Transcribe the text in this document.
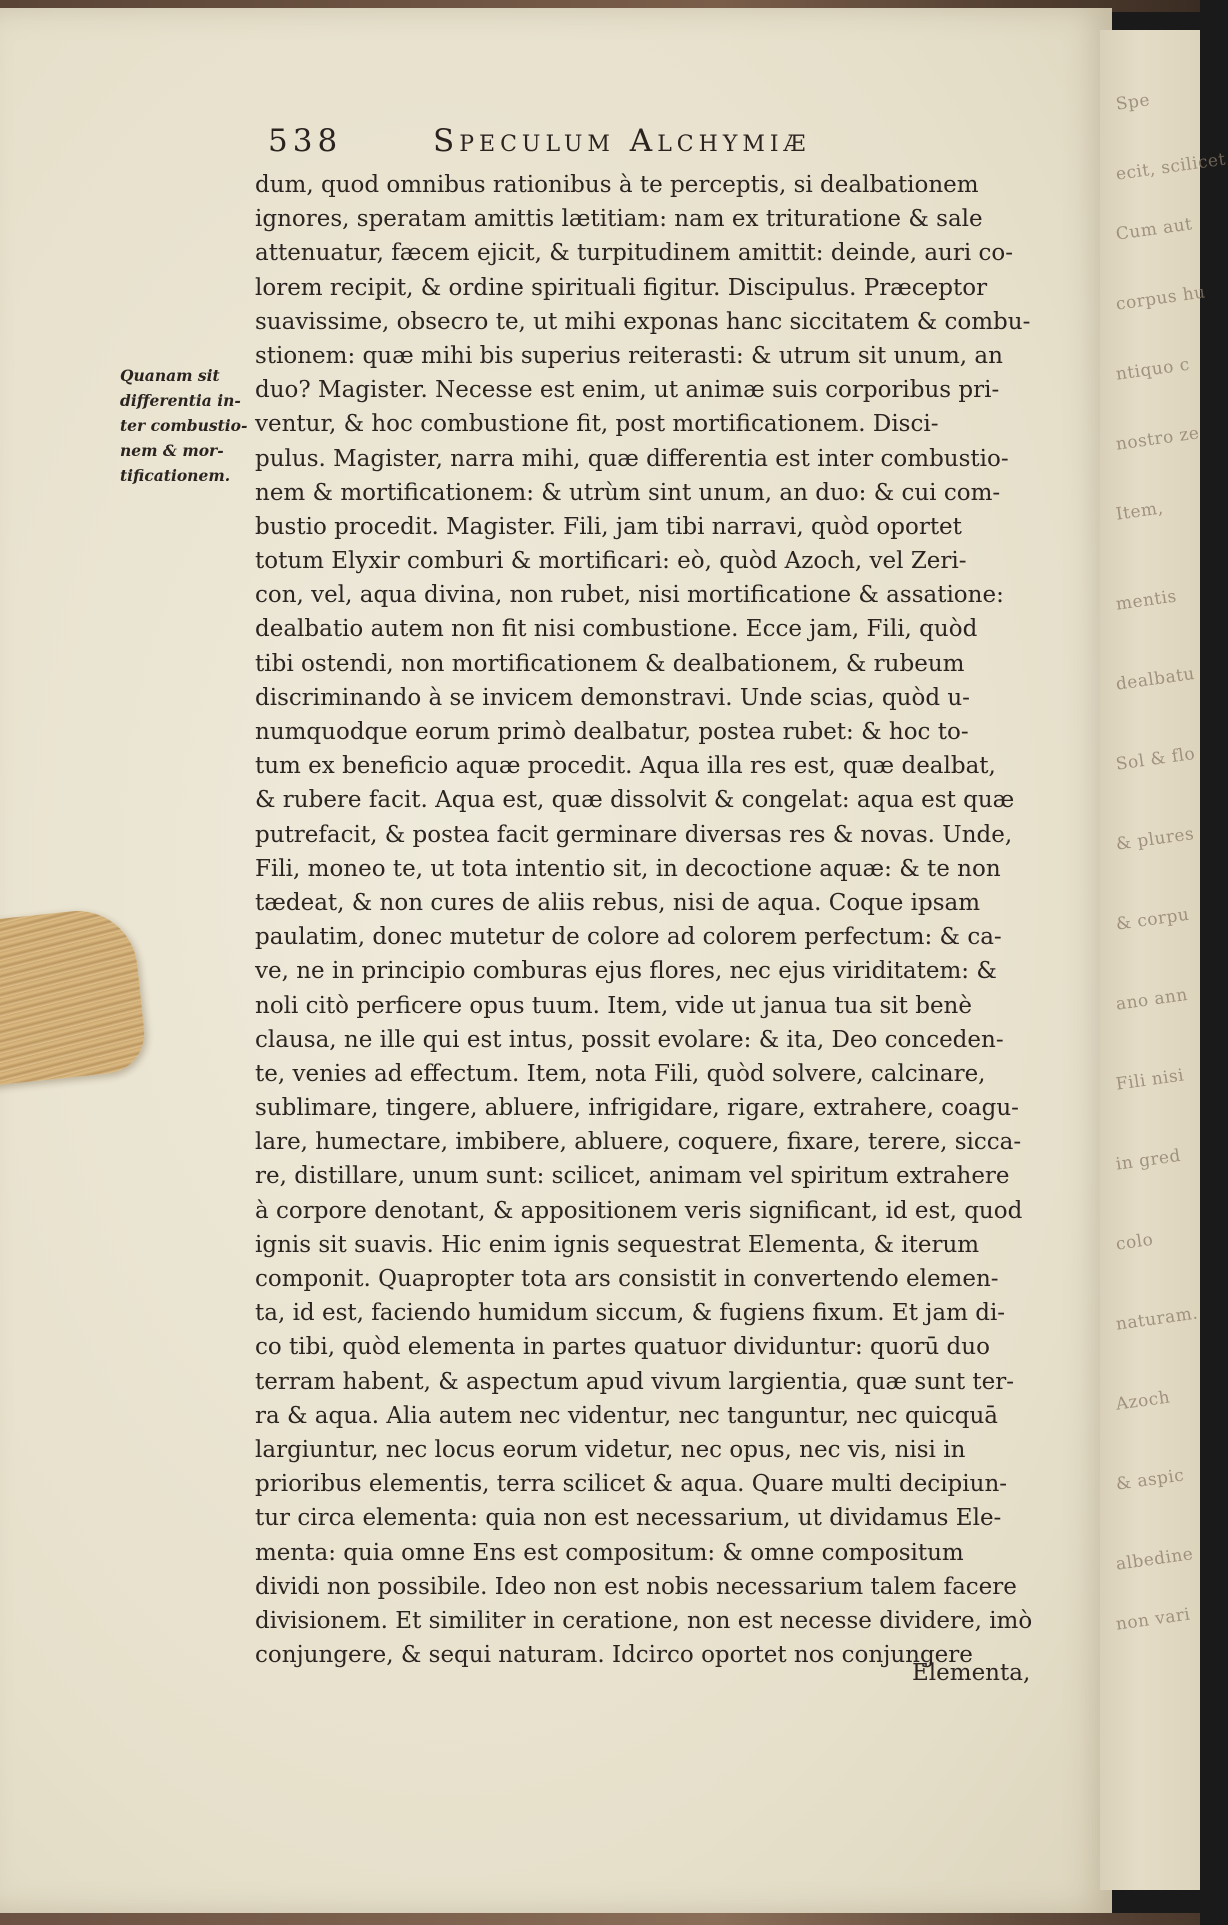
538	Speculum Alchymiæ
Quanam sit
differentia in-
ter combustio-
nem & mor-
tificationem.
dum, quod omnibus rationibus à te perceptis, si dealbationem
ignores, speratam amittis lætitiam: nam ex trituratione & sale
attenuatur, fæcem ejicit, & turpitudinem amittit: deinde, auri co-
lorem recipit, & ordine spirituali figitur. Discipulus. Præceptor
suavissime, obsecro te, ut mihi exponas hanc siccitatem & combu-
stionem: quæ mihi bis superius reiterasti: & utrum sit unum, an
duo? Magister. Necesse est enim, ut animæ suis corporibus pri-
ventur, & hoc combustione fit, post mortificationem. Disci-
pulus. Magister, narra mihi, quæ differentia est inter combustio-
nem & mortificationem: & utrùm sint unum, an duo: & cui com-
bustio procedit. Magister. Fili, jam tibi narravi, quòd oportet
totum Elyxir comburi & mortificari: eò, quòd Azoch, vel Zeri-
con, vel, aqua divina, non rubet, nisi mortificatione & assatione:
dealbatio autem non fit nisi combustione. Ecce jam, Fili, quòd
tibi ostendi, non mortificationem & dealbationem, & rubeum
discriminando à se invicem demonstravi. Unde scias, quòd u-
numquodque eorum primò dealbatur, postea rubet: & hoc to-
tum ex beneficio aquæ procedit. Aqua illa res est, quæ dealbat,
& rubere facit. Aqua est, quæ dissolvit & congelat: aqua est quæ
putrefacit, & postea facit germinare diversas res & novas. Unde,
Fili, moneo te, ut tota intentio sit, in decoctione aquæ: & te non
tædeat, & non cures de aliis rebus, nisi de aqua. Coque ipsam
paulatim, donec mutetur de colore ad colorem perfectum: & ca-
ve, ne in principio comburas ejus flores, nec ejus viriditatem: &
noli citò perficere opus tuum. Item, vide ut janua tua sit benè
clausa, ne ille qui est intus, possit evolare: & ita, Deo conceden-
te, venies ad effectum. Item, nota Fili, quòd solvere, calcinare,
sublimare, tingere, abluere, infrigidare, rigare, extrahere, coagu-
lare, humectare, imbibere, abluere, coquere, fixare, terere, sicca-
re, distillare, unum sunt: scilicet, animam vel spiritum extrahere
à corpore denotant, & appositionem veris significant, id est, quod
ignis sit suavis. Hic enim ignis sequestrat Elementa, & iterum
componit. Quapropter tota ars consistit in convertendo elemen-
ta, id est, faciendo humidum siccum, & fugiens fixum. Et jam di-
co tibi, quòd elementa in partes quatuor dividuntur: quorū duo
terram habent, & aspectum apud vivum largientia, quæ sunt ter-
ra & aqua. Alia autem nec videntur, nec tanguntur, nec quicquā
largiuntur, nec locus eorum videtur, nec opus, nec vis, nisi in
prioribus elementis, terra scilicet & aqua. Quare multi decipiun-
tur circa elementa: quia non est necessarium, ut dividamus Ele-
menta: quia omne Ens est compositum: & omne compositum
dividi non possibile. Ideo non est nobis necessarium talem facere
divisionem. Et similiter in ceratione, non est necesse dividere, imò
conjungere, & sequi naturam. Idcirco oportet nos conjungere
Elementa,
Spe
ecit, scilicet
Cum aut
corpus hu
ntiquo c
nostro ze
Item,
mentis
dealbatu
Sol & flo
& plures
& corpu
ano ann
Fili nisi
in gred
colo
naturam.
Azoch
& aspic
albedine
non vari
